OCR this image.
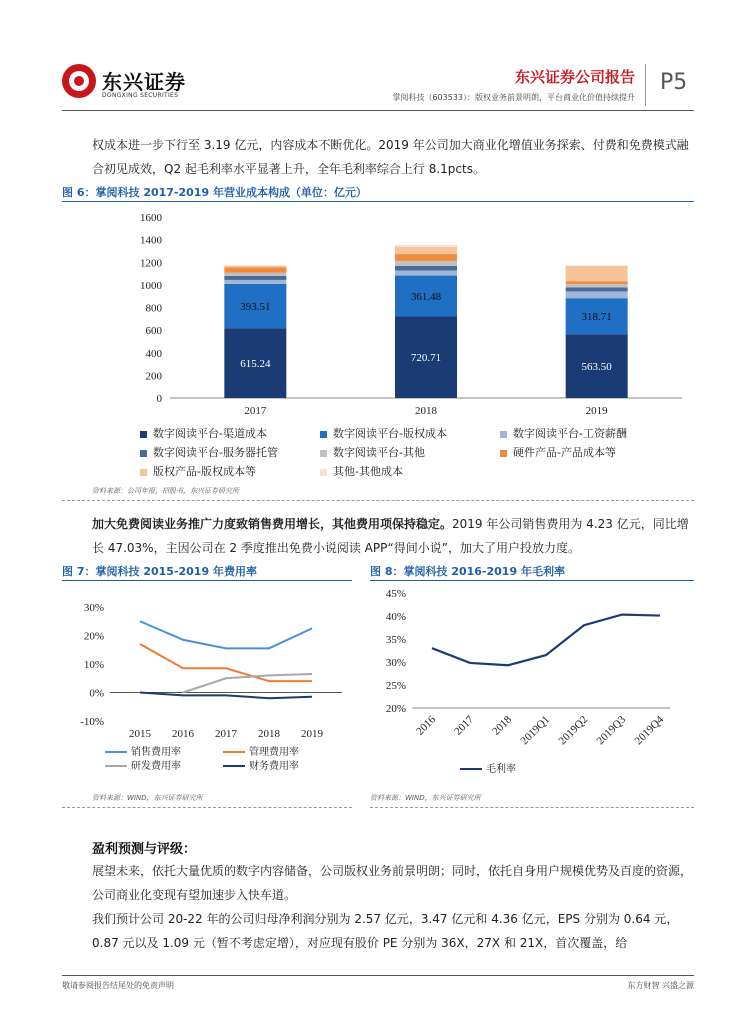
东兴证券
DONGXING SECURITIES
东兴证券公司报告
掌阅科技（603533）：版权业务前景明朗，平台商业化价值持续提升
P5
权成本进一步下行至 3.19 亿元，内容成本不断优化。2019 年公司加大商业化增值业务探索、付费和免费模式融合初见成效，Q2 起毛利率水平显著上升，全年毛利率综合上行 8.1pcts。
图 6：掌阅科技 2017-2019 年营业成本构成（单位：亿元）
0
200
400
600
800
1000
1200
1400
1600
2017	2018	2019
615.24
393.51
720.71
361.48
563.50
318.71
数字阅读平台-渠道成本	数字阅读平台-版权成本	数字阅读平台-工资薪酬
数字阅读平台-服务器托管	数字阅读平台-其他	硬件产品-产品成本等
版权产品-版权成本等	其他-其他成本
资料来源：公司年报，招股书，东兴证券研究所
加大免费阅读业务推广力度致销售费用增长，其他费用项保持稳定。2019 年公司销售费用为 4.23 亿元，同比增长 47.03%，主因公司在 2 季度推出免费小说阅读 APP“得间小说”，加大了用户投放力度。
图 7：掌阅科技 2015-2019 年费用率
-10%
0%
10%
20%
30%
2015 2016 2017 2018 2019
销售费用率	管理费用率
研发费用率	财务费用率
资料来源：WIND，东兴证券研究所
图 8：掌阅科技 2016-2019 年毛利率
20%
25%
30%
35%
40%
45%
2016 2017 2018 2019Q1 2019Q2 2019Q3 2019Q4
毛利率
资料来源：WIND，东兴证券研究所
盈利预测与评级：
展望未来，依托大量优质的数字内容储备，公司版权业务前景明朗；同时，依托自身用户规模优势及百度的资源，公司商业化变现有望加速步入快车道。
我们预计公司 20-22 年的公司归母净利润分别为 2.57 亿元，3.47 亿元和 4.36 亿元，EPS 分别为 0.64 元，0.87 元以及 1.09 元（暂不考虑定增），对应现有股价 PE 分别为 36X，27X 和 21X，首次覆盖，给
敬请参阅报告结尾处的免责声明	东方财智 兴盛之源
